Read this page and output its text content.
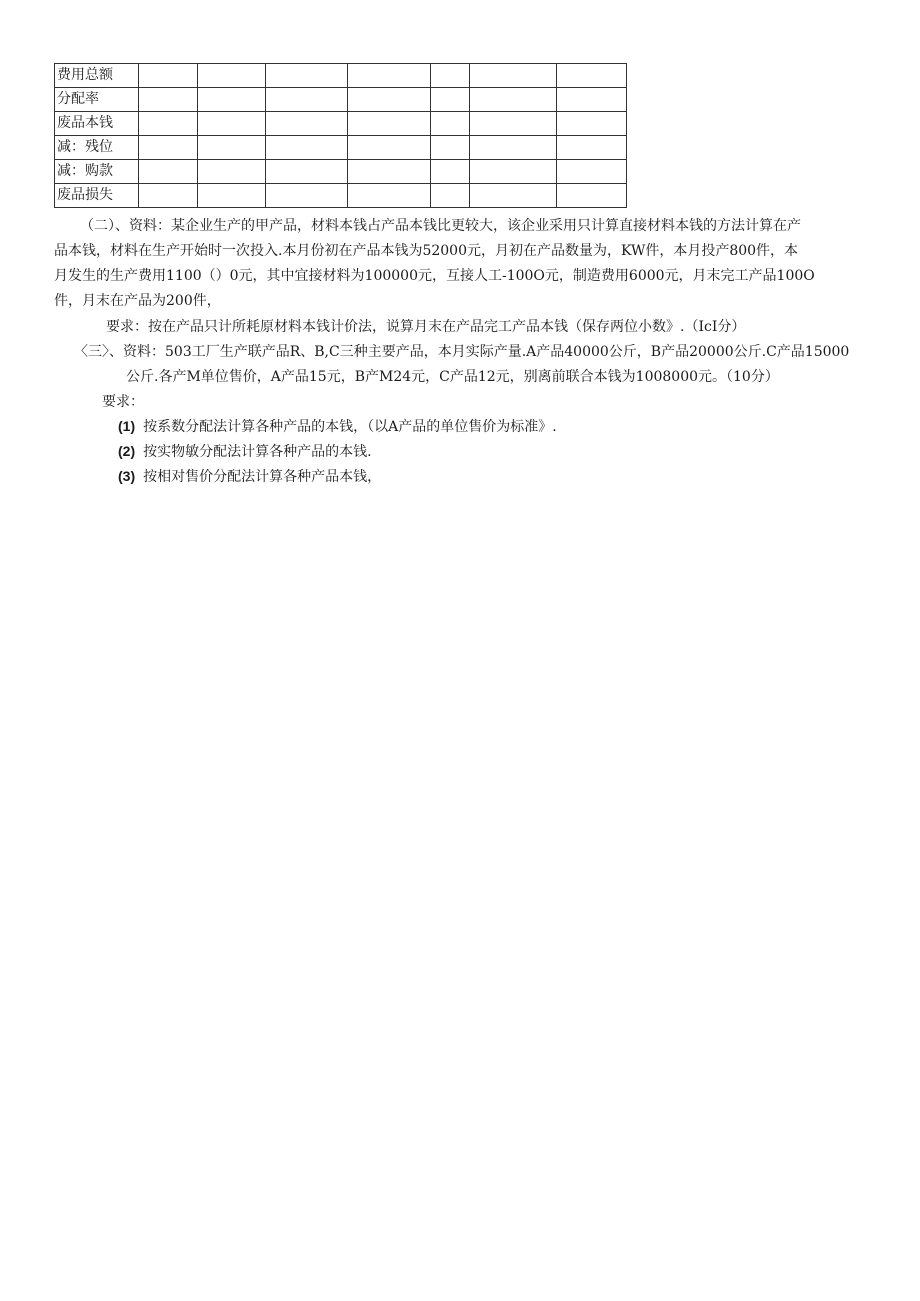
费用总额							
分配率							
废品本钱							
减：残位							
减：购款							
废品损失							
（二）、资料：某企业生产的甲产品，材料本钱占产品本钱比更较大，该企业采用只计算直接材料本钱的方法计算在产
品本钱，材料在生产开始时一次投入.本月份初在产品本钱为52000元，月初在产品数量为，KW件，本月投产800件，本
月发生的生产费用1100（）0元，其中宜接材料为100000元，互接人工-100O元，制造费用6000元，月末完工产品100O
件，月末在产品为200件，
要求：按在产品只计所耗原材料本钱计价法，说算月末在产品完工产品本钱（保存两位小数》.（IcI分）
〈三〉、资料：503工厂生产联产品R、B,C三种主要产品，本月实际产量.A产品40000公斤，B产品20000公斤.C产品15000
公斤.各产M单位售价，A产品15元，B产M24元，C产品12元，别离前联合本钱为1008000元。（10分）
要求：
(1) 按系数分配法计算各种产品的本钱，（以A产品的单位售价为标准》.
(2) 按实物敏分配法计算各种产品的本钱.
(3) 按相对售价分配法计算各种产品本钱，
